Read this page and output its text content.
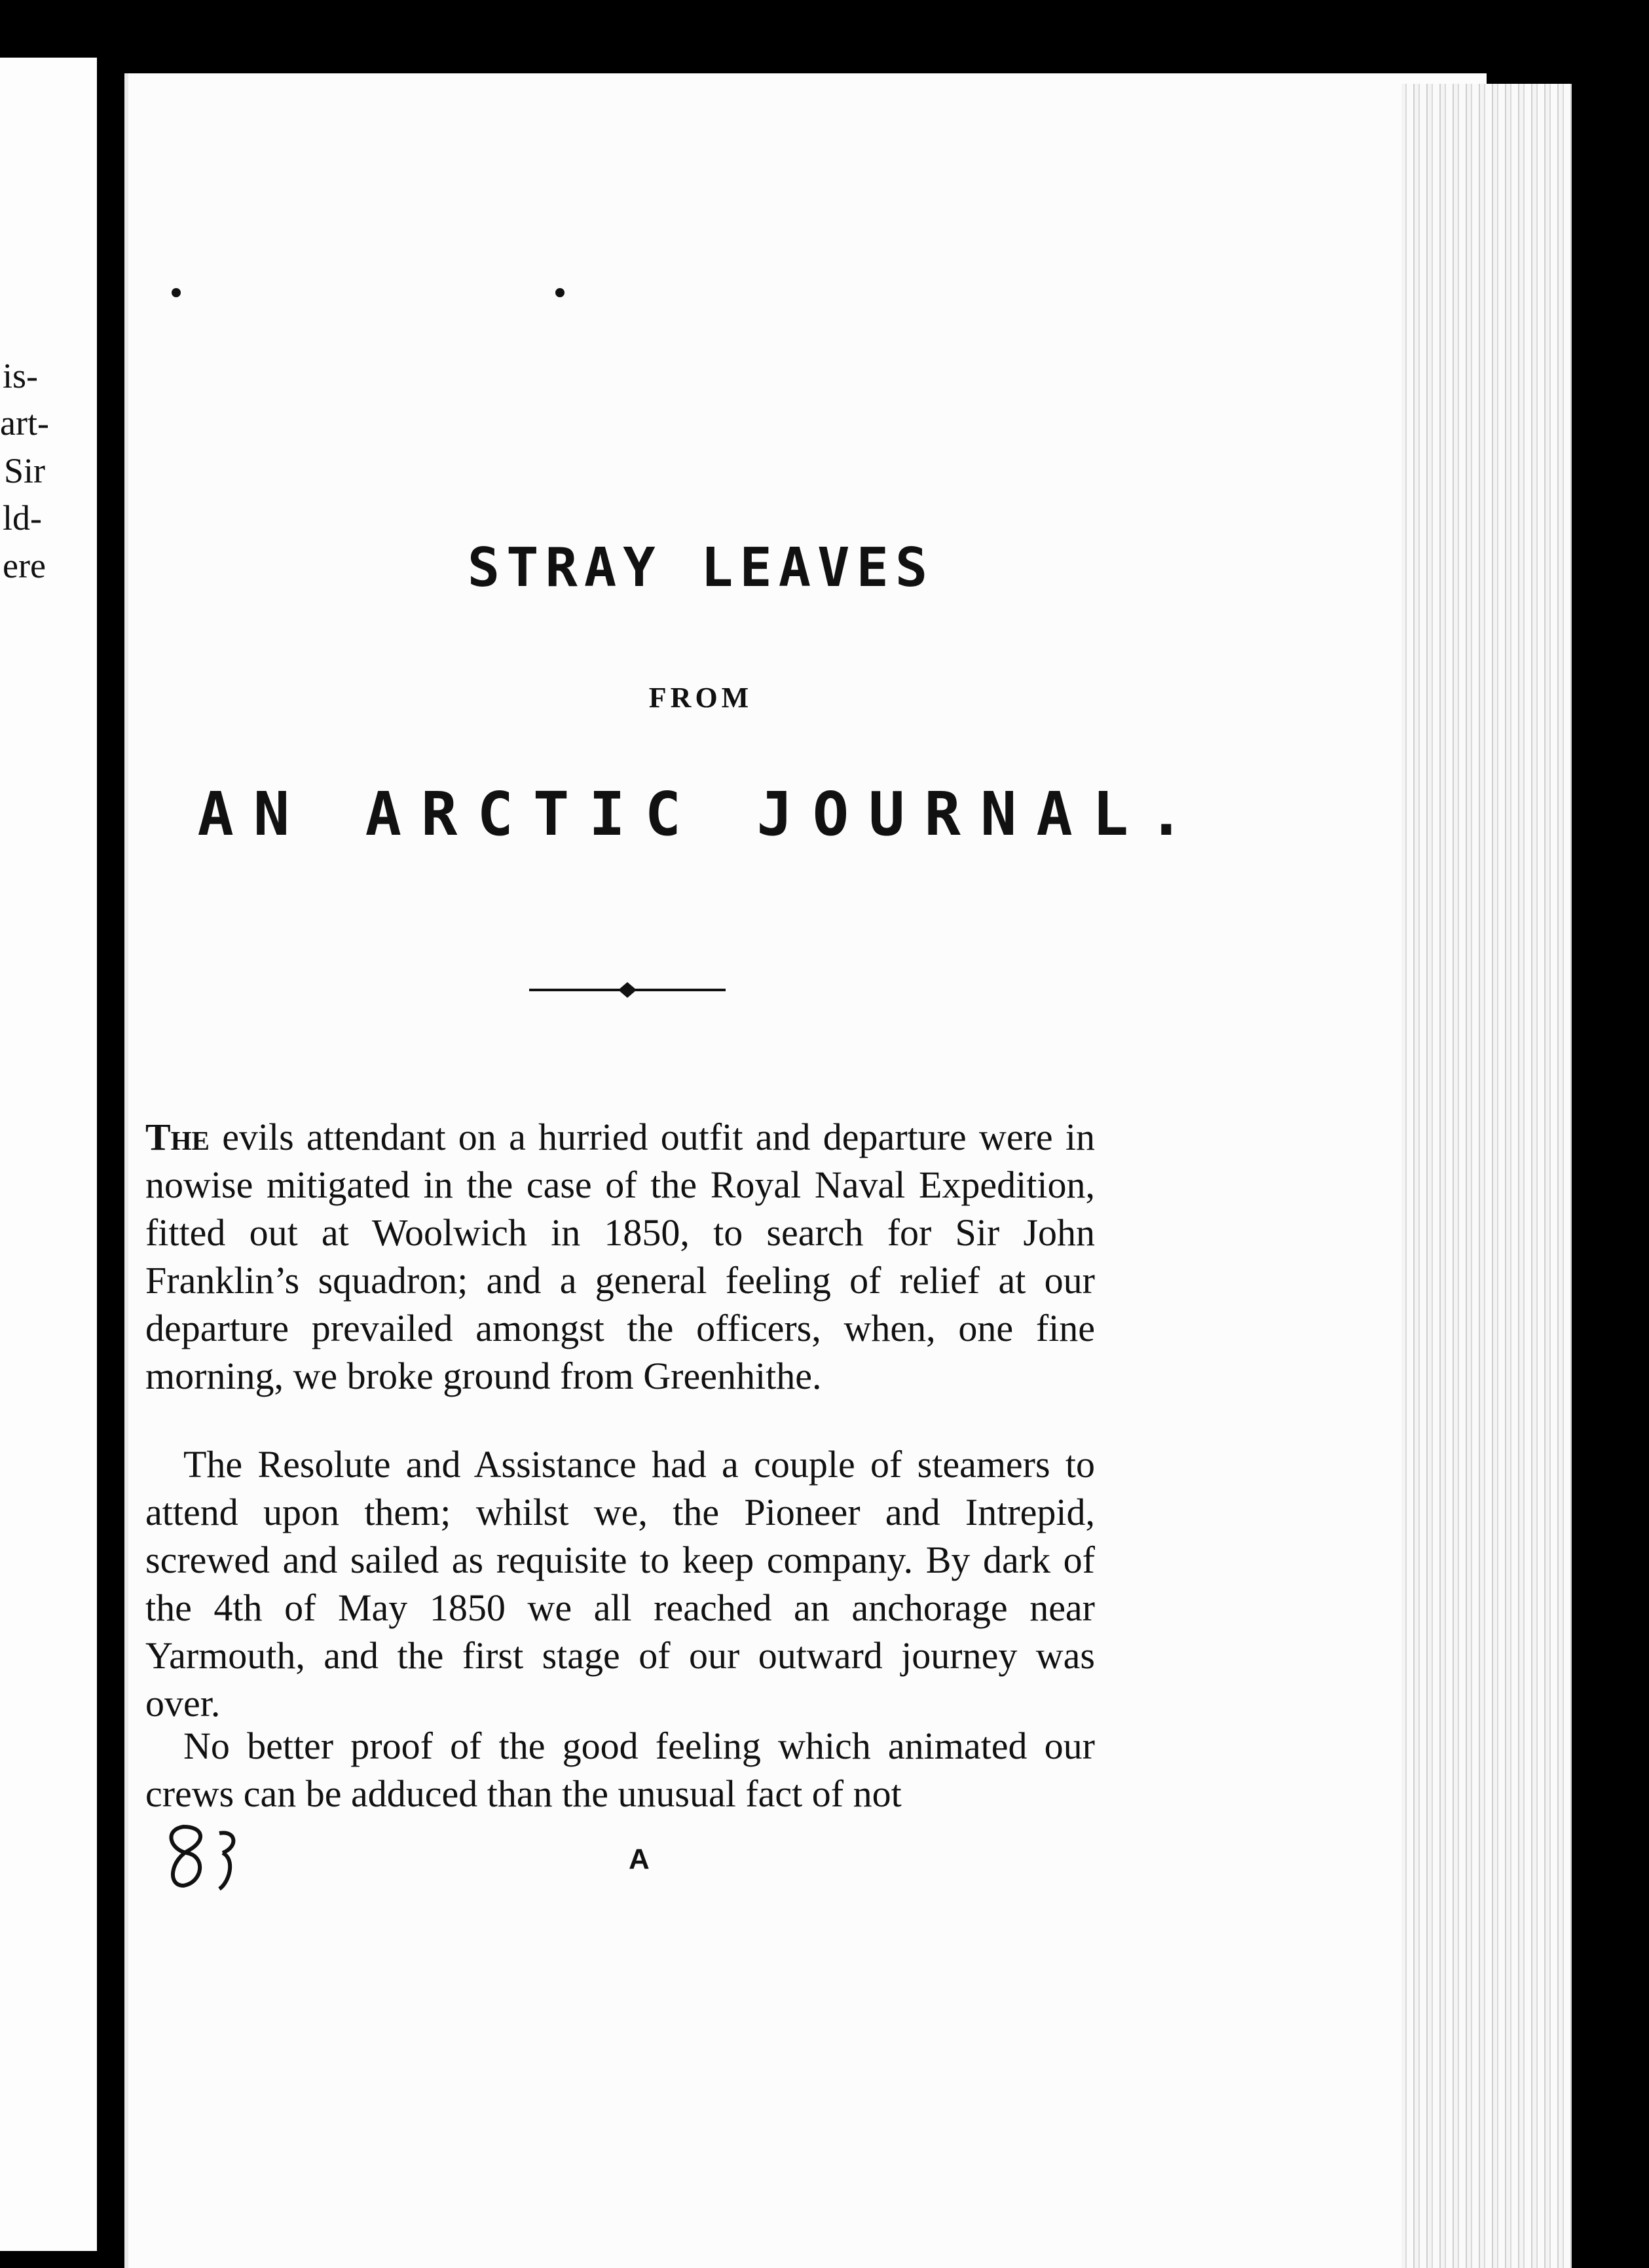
is-
art-
Sir
ld-
ere	STRAY LEAVES
FROM
AN ARCTIC JOURNAL.

The evils attendant on a hurried outfit and departure were in nowise mitigated in the case of the Royal Naval Expedition, fitted out at Woolwich in 1850, to search for Sir John Franklin’s squadron; and a general feeling of relief at our departure prevailed amongst the officers, when, one fine morning, we broke ground from Greenhithe.

The Resolute and Assistance had a couple of steamers to attend upon them; whilst we, the Pioneer and Intrepid, screwed and sailed as requisite to keep company. By dark of the 4th of May 1850 we all reached an anchorage near Yarmouth, and the first stage of our outward journey was over.

No better proof of the good feeling which animated our crews can be adduced than the unusual fact of not

A
